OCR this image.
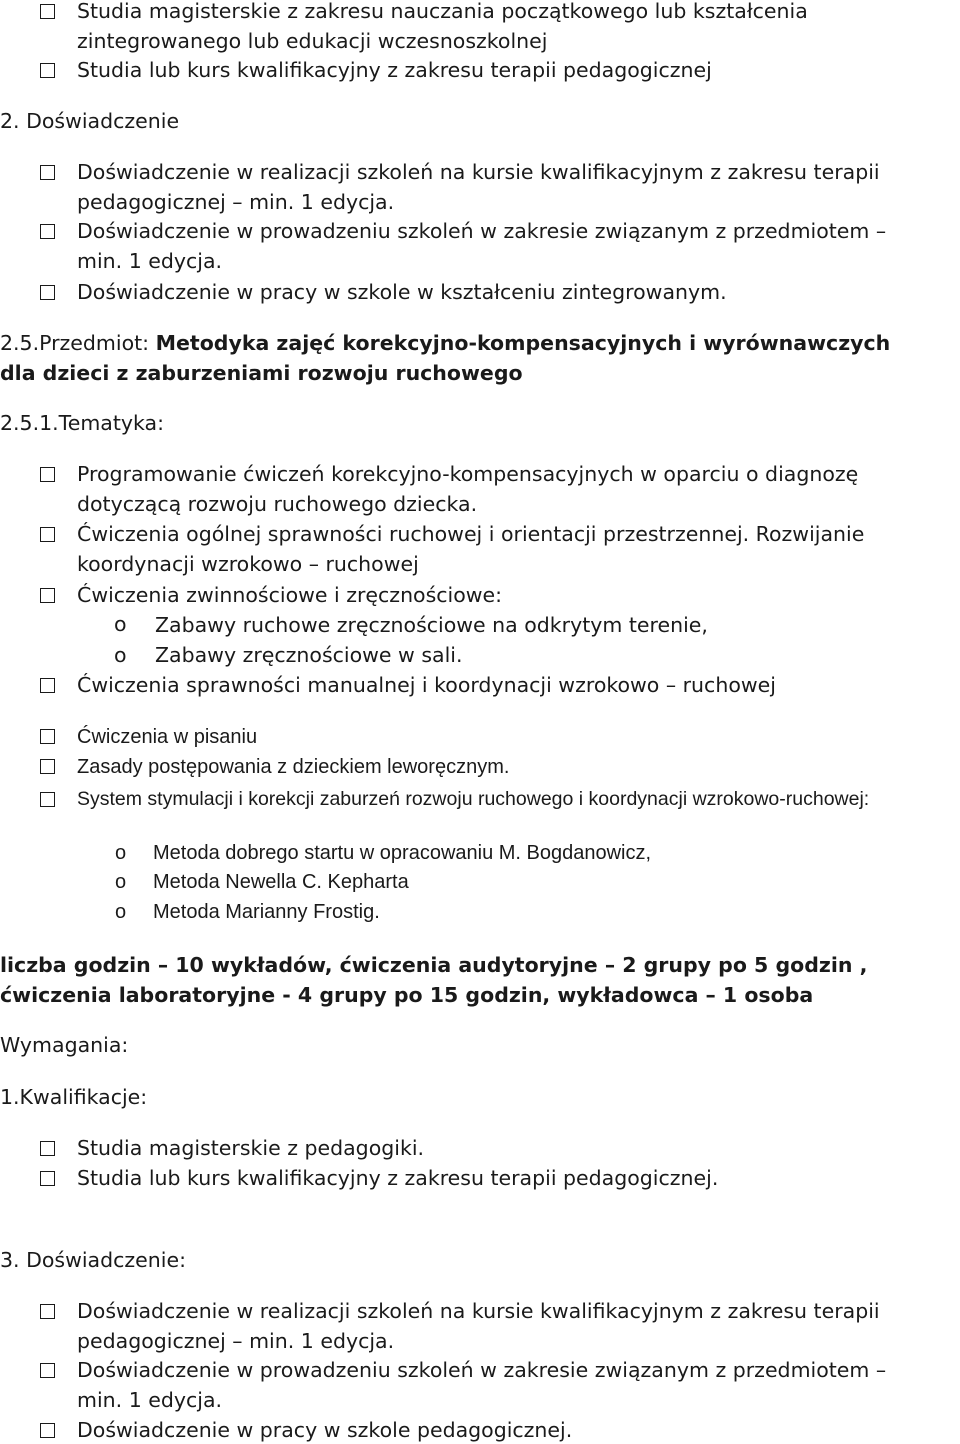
Studia magisterskie z zakresu nauczania początkowego lub kształcenia
zintegrowanego lub edukacji wczesnoszkolnej
Studia lub kurs kwalifikacyjny z zakresu terapii pedagogicznej
2. Doświadczenie
Doświadczenie w realizacji szkoleń na kursie kwalifikacyjnym z zakresu terapii
pedagogicznej – min. 1 edycja.
Doświadczenie w prowadzeniu szkoleń w zakresie związanym z przedmiotem –
min. 1 edycja.
Doświadczenie w pracy w szkole w kształceniu zintegrowanym.
2.5.Przedmiot: Metodyka zajęć korekcyjno-kompensacyjnych i wyrównawczych
dla dzieci z zaburzeniami rozwoju ruchowego
2.5.1.Tematyka:
Programowanie ćwiczeń korekcyjno-kompensacyjnych w oparciu o diagnozę
dotyczącą rozwoju ruchowego dziecka.
Ćwiczenia ogólnej sprawności ruchowej i orientacji przestrzennej. Rozwijanie
koordynacji wzrokowo – ruchowej
Ćwiczenia zwinnościowe i zręcznościowe:
o Zabawy ruchowe zręcznościowe na odkrytym terenie,
o Zabawy zręcznościowe w sali.
Ćwiczenia sprawności manualnej i koordynacji wzrokowo – ruchowej
Ćwiczenia w pisaniu
Zasady postępowania z dzieckiem leworęcznym.
System stymulacji i korekcji zaburzeń rozwoju ruchowego i koordynacji wzrokowo-ruchowej:
o Metoda dobrego startu w opracowaniu M. Bogdanowicz,
o Metoda Newella C. Kepharta
o Metoda Marianny Frostig.
liczba godzin – 10 wykładów, ćwiczenia audytoryjne – 2 grupy po 5 godzin ,
ćwiczenia laboratoryjne - 4 grupy po 15 godzin, wykładowca – 1 osoba
Wymagania:
1.Kwalifikacje:
Studia magisterskie z pedagogiki.
Studia lub kurs kwalifikacyjny z zakresu terapii pedagogicznej.
3. Doświadczenie:
Doświadczenie w realizacji szkoleń na kursie kwalifikacyjnym z zakresu terapii
pedagogicznej – min. 1 edycja.
Doświadczenie w prowadzeniu szkoleń w zakresie związanym z przedmiotem –
min. 1 edycja.
Doświadczenie w pracy w szkole pedagogicznej.
